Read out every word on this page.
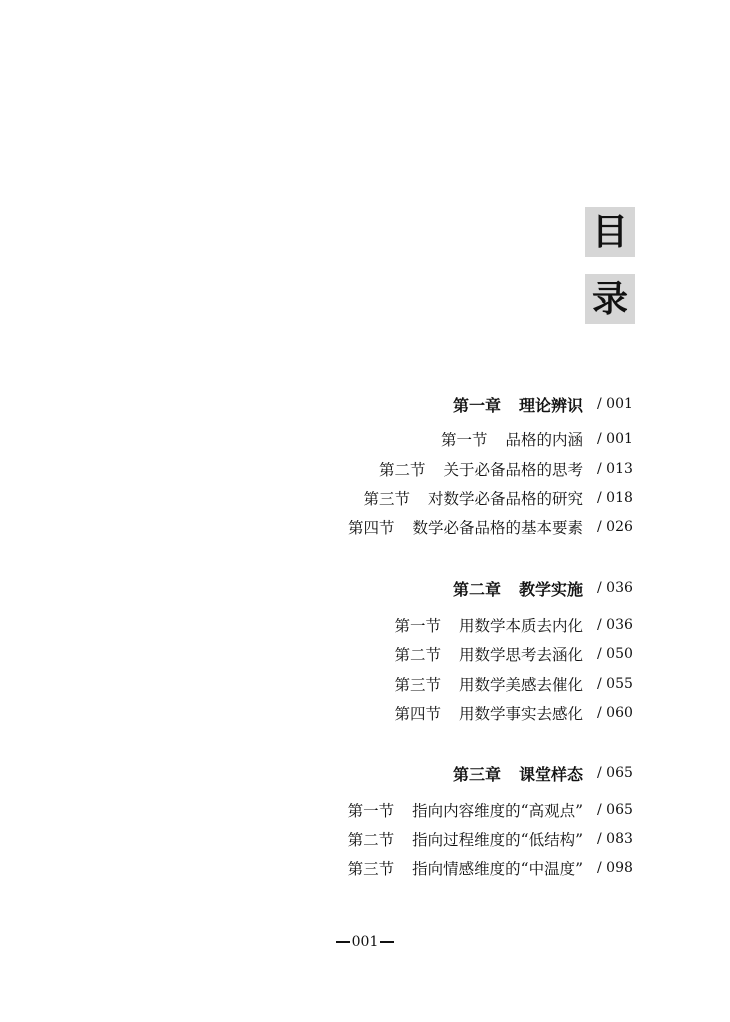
目
录
第一章 理论辨识 / 001
第一节 品格的内涵 / 001
第二节 关于必备品格的思考 / 013
第三节 对数学必备品格的研究 / 018
第四节 数学必备品格的基本要素 / 026
第二章 教学实施 / 036
第一节 用数学本质去内化 / 036
第二节 用数学思考去涵化 / 050
第三节 用数学美感去催化 / 055
第四节 用数学事实去感化 / 060
第三章 课堂样态 / 065
第一节 指向内容维度的“高观点” / 065
第二节 指向过程维度的“低结构” / 083
第三节 指向情感维度的“中温度” / 098
001
